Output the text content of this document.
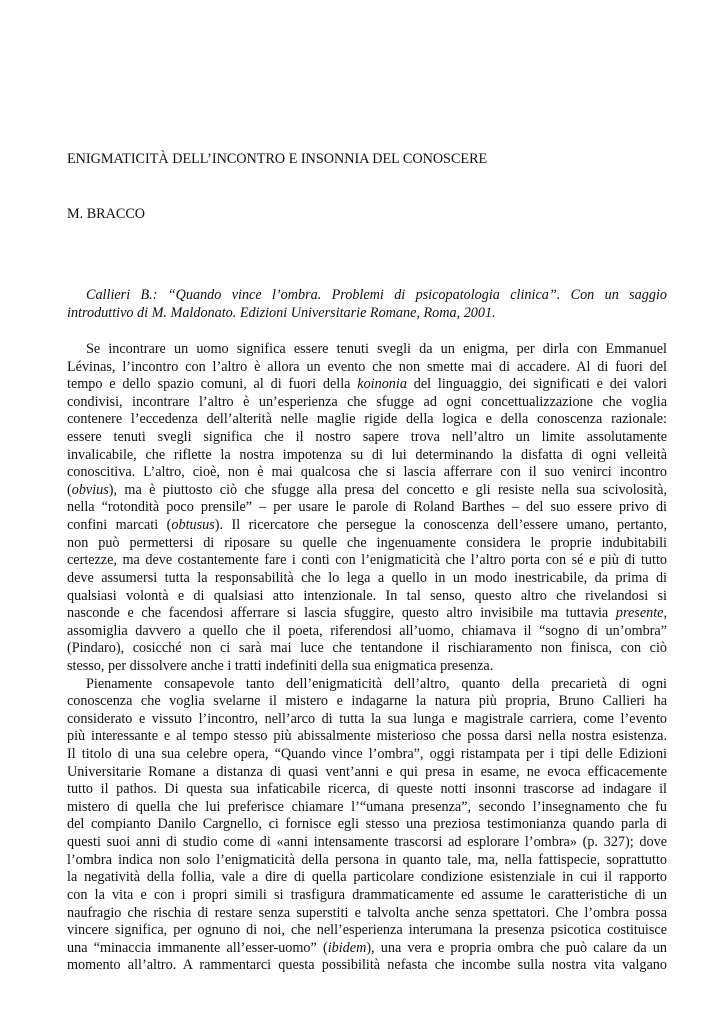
ENIGMATICITÀ DELL’INCONTRO E INSONNIA DEL CONOSCERE

M. BRACCO

Callieri B.: “Quando vince l’ombra. Problemi di psicopatologia clinica”. Con un saggio
introduttivo di M. Maldonato. Edizioni Universitarie Romane, Roma, 2001.
Se incontrare un uomo significa essere tenuti svegli da un enigma, per dirla con Emmanuel
Lévinas, l’incontro con l’altro è allora un evento che non smette mai di accadere. Al di fuori del
tempo e dello spazio comuni, al di fuori della koinonia del linguaggio, dei significati e dei valori
condivisi, incontrare l’altro è un’esperienza che sfugge ad ogni concettualizzazione che voglia
contenere l’eccedenza dell’alterità nelle maglie rigide della logica e della conoscenza razionale:
essere tenuti svegli significa che il nostro sapere trova nell’altro un limite assolutamente
invalicabile, che riflette la nostra impotenza su di lui determinando la disfatta di ogni velleità
conoscitiva. L’altro, cioè, non è mai qualcosa che si lascia afferrare con il suo venirci incontro
(obvius), ma è piuttosto ciò che sfugge alla presa del concetto e gli resiste nella sua scivolosità,
nella “rotondità poco prensile” – per usare le parole di Roland Barthes – del suo essere privo di
confini marcati (obtusus). Il ricercatore che persegue la conoscenza dell’essere umano, pertanto,
non può permettersi di riposare su quelle che ingenuamente considera le proprie indubitabili
certezze, ma deve costantemente fare i conti con l’enigmaticità che l’altro porta con sé e più di tutto
deve assumersi tutta la responsabilità che lo lega a quello in un modo inestricabile, da prima di
qualsiasi volontà e di qualsiasi atto intenzionale. In tal senso, questo altro che rivelandosi si
nasconde e che facendosi afferrare si lascia sfuggire, questo altro invisibile ma tuttavia presente,
assomiglia davvero a quello che il poeta, riferendosi all’uomo, chiamava il “sogno di un’ombra”
(Pindaro), cosicché non ci sarà mai luce che tentandone il rischiaramento non finisca, con ciò
stesso, per dissolvere anche i tratti indefiniti della sua enigmatica presenza.
Pienamente consapevole tanto dell’enigmaticità dell’altro, quanto della precarietà di ogni
conoscenza che voglia svelarne il mistero e indagarne la natura più propria, Bruno Callieri ha
considerato e vissuto l’incontro, nell’arco di tutta la sua lunga e magistrale carriera, come l’evento
più interessante e al tempo stesso più abissalmente misterioso che possa darsi nella nostra esistenza.
Il titolo di una sua celebre opera, “Quando vince l’ombra”, oggi ristampata per i tipi delle Edizioni
Universitarie Romane a distanza di quasi vent’anni e qui presa in esame, ne evoca efficacemente
tutto il pathos. Di questa sua infaticabile ricerca, di queste notti insonni trascorse ad indagare il
mistero di quella che lui preferisce chiamare l’“umana presenza”, secondo l’insegnamento che fu
del compianto Danilo Cargnello, ci fornisce egli stesso una preziosa testimonianza quando parla di
questi suoi anni di studio come di «anni intensamente trascorsi ad esplorare l’ombra» (p. 327); dove
l’ombra indica non solo l’enigmaticità della persona in quanto tale, ma, nella fattispecie, soprattutto
la negatività della follia, vale a dire di quella particolare condizione esistenziale in cui il rapporto
con la vita e con i propri simili si trasfigura drammaticamente ed assume le caratteristiche di un
naufragio che rischia di restare senza superstiti e talvolta anche senza spettatori. Che l’ombra possa
vincere significa, per ognuno di noi, che nell’esperienza interumana la presenza psicotica costituisce
una “minaccia immanente all’esser-uomo” (ibidem), una vera e propria ombra che può calare da un
momento all’altro. A rammentarci questa possibilità nefasta che incombe sulla nostra vita valgano
